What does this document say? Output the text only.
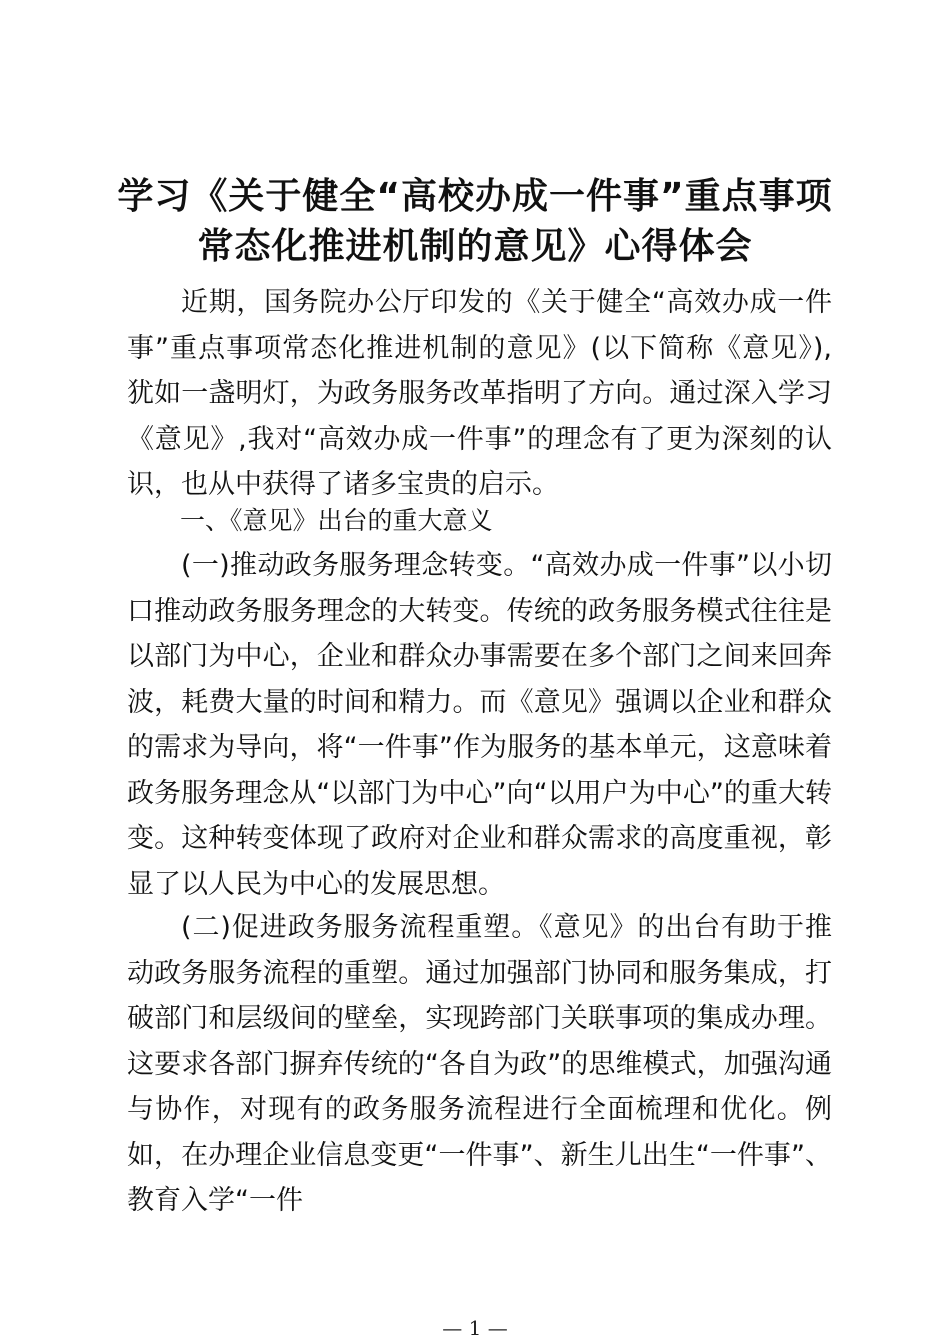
学习《关于健全“高校办成一件事”重点事项
常态化推进机制的意见》心得体会

近期，国务院办公厅印发的《关于健全“高效办成一件事”重点事项常态化推进机制的意见》(以下简称《意见》),犹如一盏明灯，为政务服务改革指明了方向。通过深入学习《意见》,我对“高效办成一件事”的理念有了更为深刻的认识，也从中获得了诸多宝贵的启示。

一、《意见》出台的重大意义

(一)推动政务服务理念转变。“高效办成一件事”以小切口推动政务服务理念的大转变。传统的政务服务模式往往是以部门为中心，企业和群众办事需要在多个部门之间来回奔波，耗费大量的时间和精力。而《意见》强调以企业和群众的需求为导向，将“一件事”作为服务的基本单元，这意味着政务服务理念从“以部门为中心”向“以用户为中心”的重大转变。这种转变体现了政府对企业和群众需求的高度重视，彰显了以人民为中心的发展思想。

(二)促进政务服务流程重塑。《意见》的出台有助于推动政务服务流程的重塑。通过加强部门协同和服务集成，打破部门和层级间的壁垒，实现跨部门关联事项的集成办理。这要求各部门摒弃传统的“各自为政”的思维模式，加强沟通与协作，对现有的政务服务流程进行全面梳理和优化。例如，在办理企业信息变更“一件事”、新生儿出生“一件事”、教育入学“一件

— 1 —
